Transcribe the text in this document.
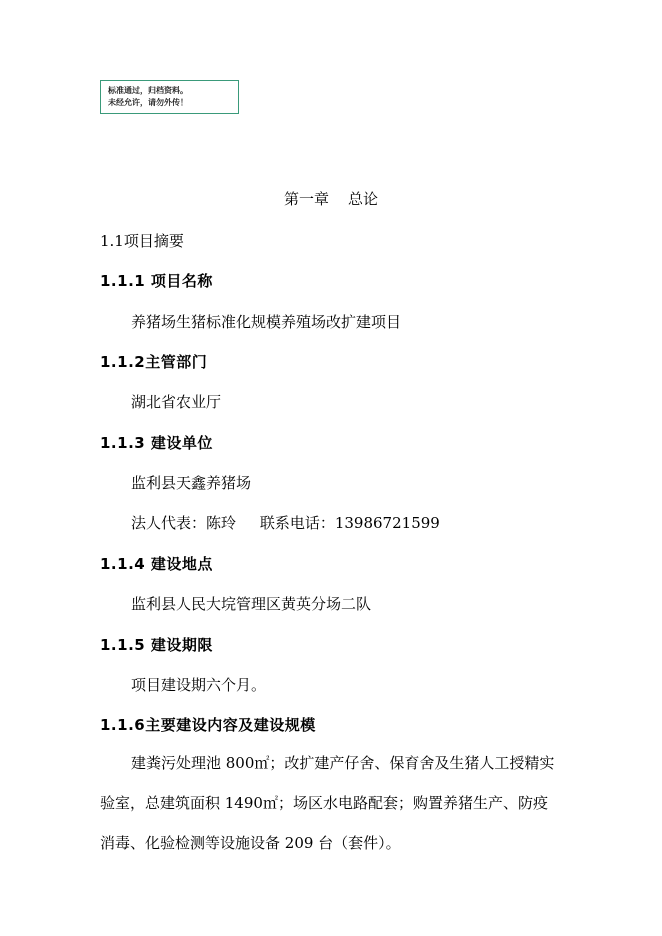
标准通过，归档资料。
未经允许，请勿外传！
第一章    总论
1.1项目摘要
1.1.1 项目名称
养猪场生猪标准化规模养殖场改扩建项目
1.1.2主管部门
湖北省农业厅
1.1.3 建设单位
监利县天鑫养猪场
法人代表：陈玲     联系电话：13986721599
1.1.4 建设地点
监利县人民大垸管理区黄英分场二队
1.1.5 建设期限
项目建设期六个月。
1.1.6主要建设内容及建设规模
建粪污处理池 800㎡；改扩建产仔舍、保育舍及生猪人工授精实验室，总建筑面积 1490㎡；场区水电路配套；购置养猪生产、防疫消毒、化验检测等设施设备 209 台（套件）。
